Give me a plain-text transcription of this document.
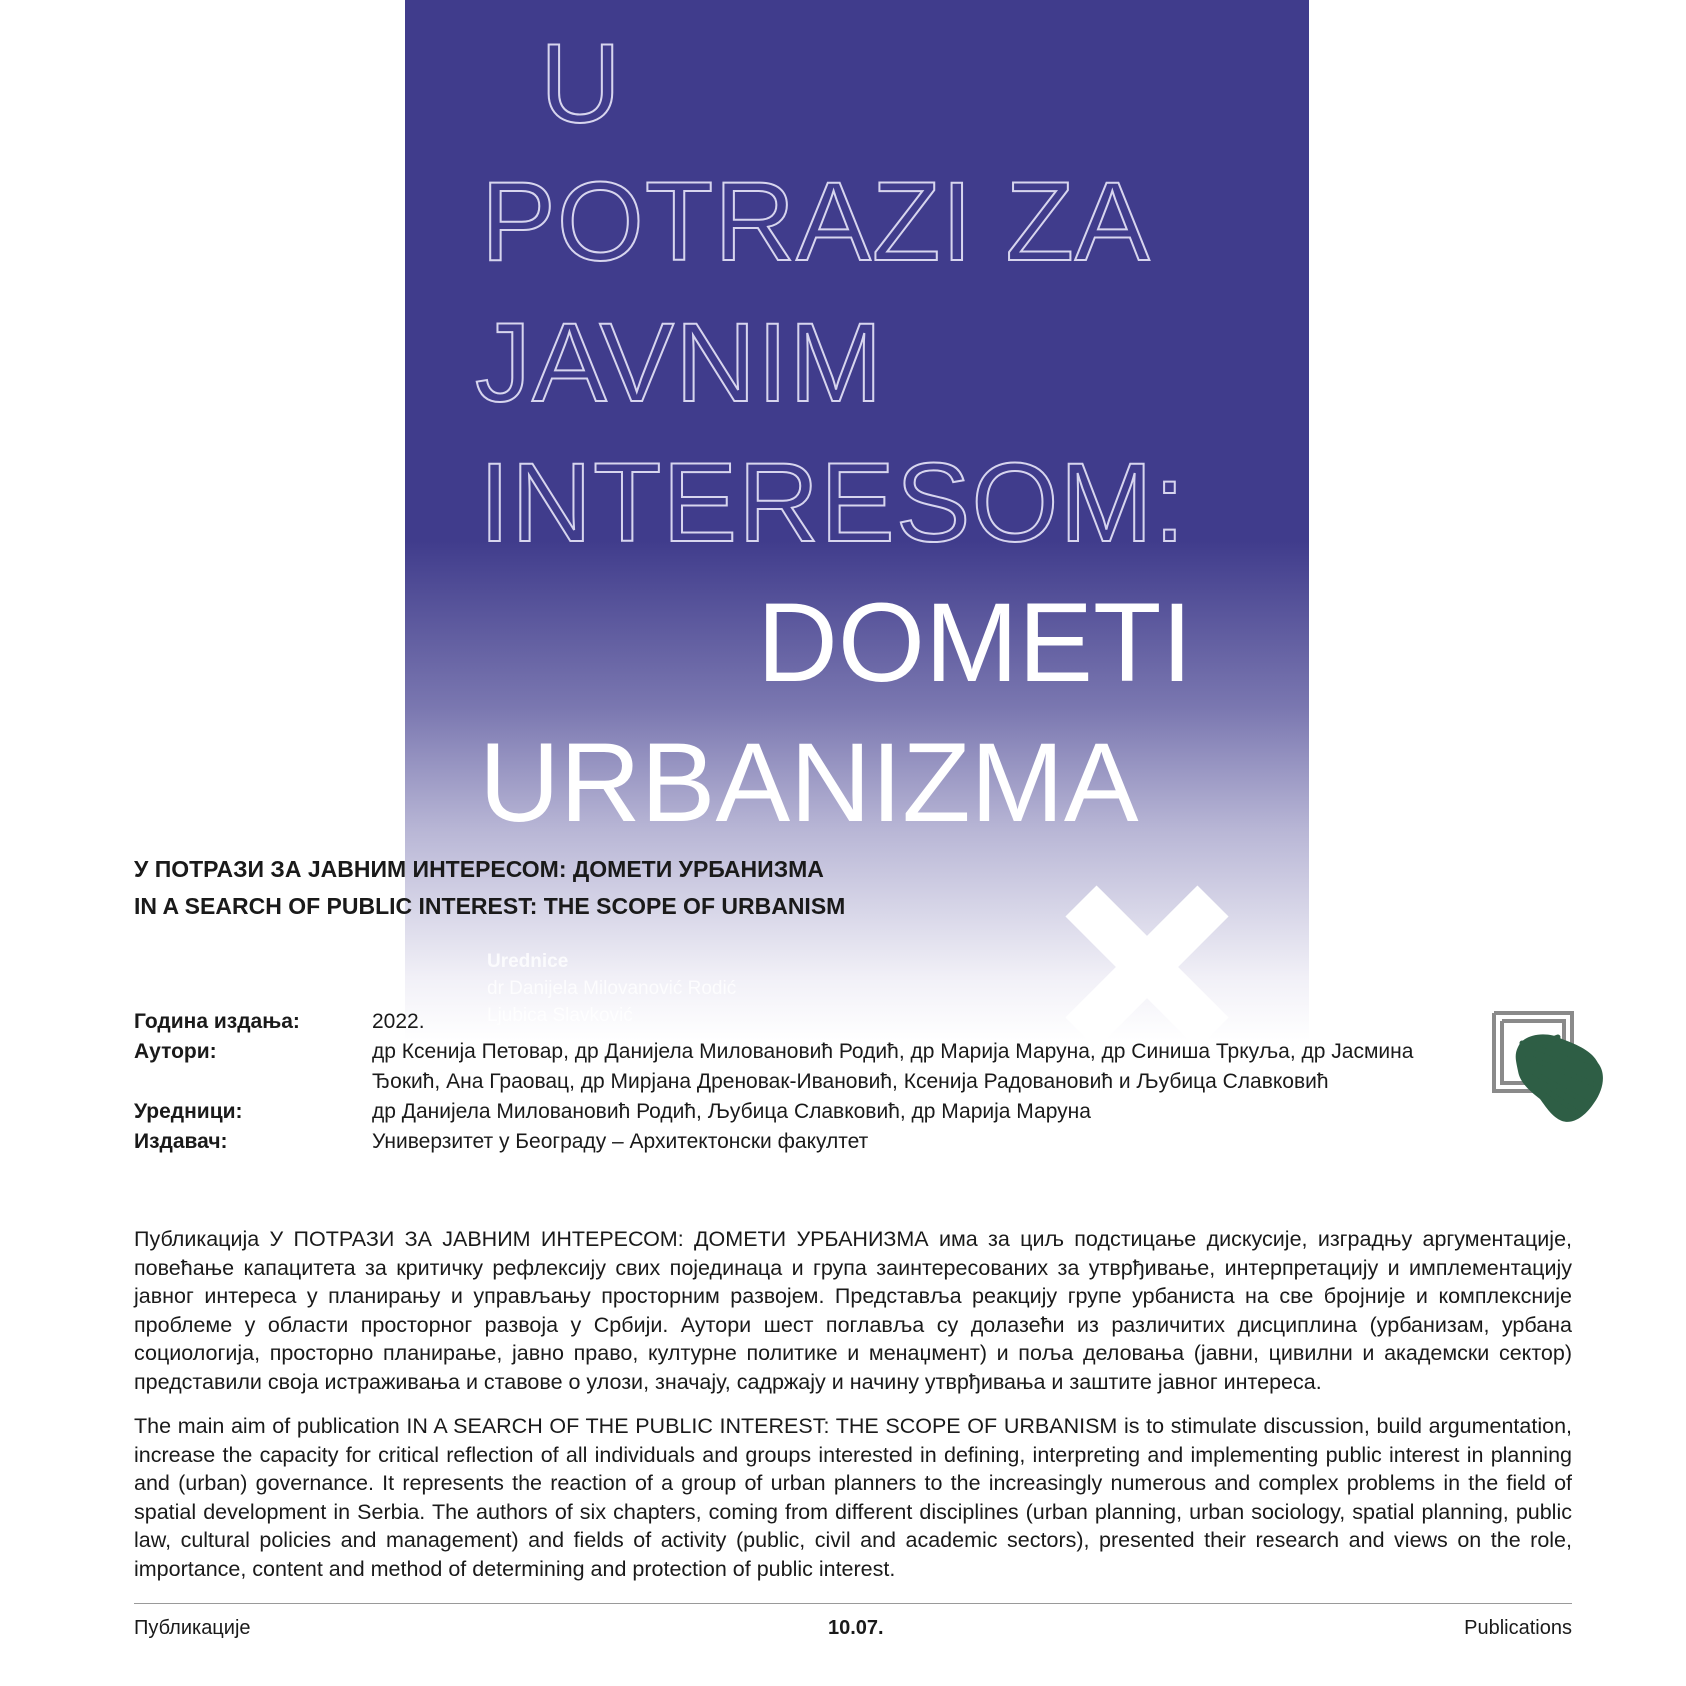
U
POTRAZI ZA
JAVNIM
INTERESOM:
DOMETI
URBANIZMA
Urednice
dr Danijela Milovanović Rodić
Ljubica Slavković
У ПОТРАЗИ ЗА ЈАВНИМ ИНТЕРЕСОМ: ДОМЕТИ УРБАНИЗМА
IN A SEARCH OF PUBLIC INTEREST: THE SCOPE OF URBANISM
Година издања:	2022.
Аутори:	др Ксенија Петовар, др Данијела Миловановић Родић, др Марија Маруна, др Синиша Тркуља, др Јасмина Ђокић, Ана Граовац, др Мирјана Дреновак-Ивановић, Ксенија Радовановић и Љубица Славковић
Уредници:	др Данијела Миловановић Родић, Љубица Славковић, др Марија Маруна
Издавач:	Универзитет у Београду – Архитектонски факултет

Публикација У ПОТРАЗИ ЗА ЈАВНИМ ИНТЕРЕСОМ: ДОМЕТИ УРБАНИЗМА има за циљ подстицање дискусије, изградњу аргументације, повећање капацитета за критичку рефлексију свих појединаца и група заинтересованих за утврђивање, интерпретацију и имплементацију јавног интереса у планирању и управљању просторним развојем. Представља реакцију групе урбаниста на све бројније и комплексније проблеме у области просторног развоја у Србији. Аутори шест поглавља су долазећи из различитих дисциплина (урбанизам, урбана социологија, просторно планирање, јавно право, културне политике и менаџмент) и поља деловања (јавни, цивилни и академски сектор) представили своја истраживања и ставове о улози, значају, садржају и начину утврђивања и заштите јавног интереса.

The main aim of publication IN A SEARCH OF THE PUBLIC INTEREST: THE SCOPE OF URBANISM is to stimulate discussion, build argumentation, increase the capacity for critical reflection of all individuals and groups interested in defining, interpreting and implementing public interest in planning and (urban) governance. It represents the reaction of a group of urban planners to the increasingly numerous and complex problems in the field of spatial development in Serbia. The authors of six chapters, coming from different disciplines (urban planning, urban sociology, spatial planning, public law, cultural policies and management) and fields of activity (public, civil and academic sectors), presented their research and views on the role, importance, content and method of determining and protection of public interest.

Публикације	10.07.	Publications
